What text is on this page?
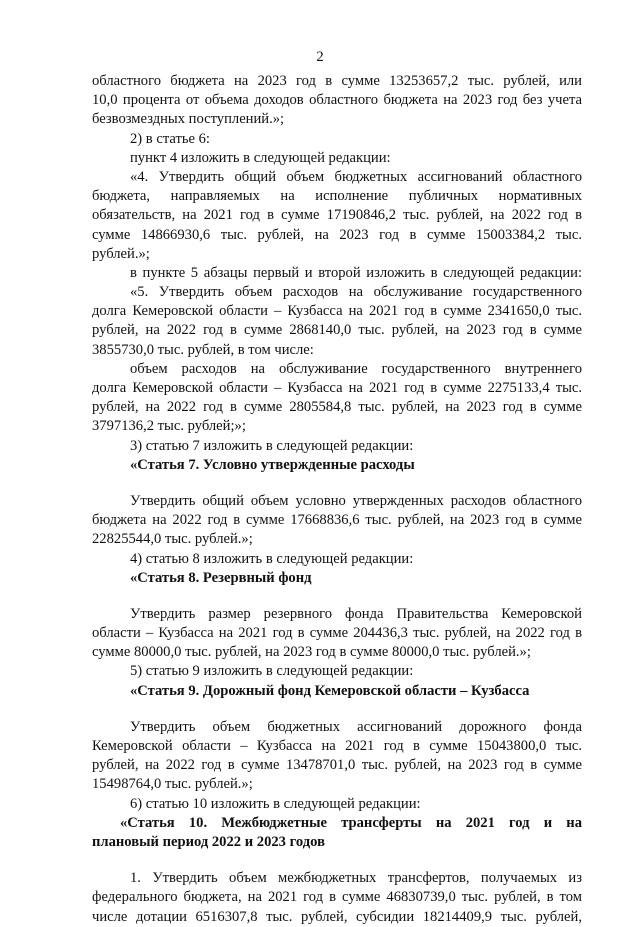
2
областного бюджета на 2023 год в сумме 13253657,2 тыс. рублей, или
10,0 процента от объема доходов областного бюджета на 2023 год без учета
безвозмездных поступлений.»;
2) в статье 6:
пункт 4 изложить в следующей редакции:
«4. Утвердить общий объем бюджетных ассигнований областного
бюджета, направляемых на исполнение публичных нормативных
обязательств, на 2021 год в сумме 17190846,2 тыс. рублей, на 2022 год в
сумме 14866930,6 тыс. рублей, на 2023 год в сумме 15003384,2 тыс.
рублей.»;
в пункте 5 абзацы первый и второй изложить в следующей редакции:
«5. Утвердить объем расходов на обслуживание государственного
долга Кемеровской области – Кузбасса на 2021 год в сумме 2341650,0 тыс.
рублей, на 2022 год в сумме 2868140,0 тыс. рублей, на 2023 год в сумме
3855730,0 тыс. рублей, в том числе:
объем расходов на обслуживание государственного внутреннего
долга Кемеровской области – Кузбасса на 2021 год в сумме 2275133,4 тыс.
рублей, на 2022 год в сумме 2805584,8 тыс. рублей, на 2023 год в сумме
3797136,2 тыс. рублей;»;
3) статью 7 изложить в следующей редакции:
«Статья 7. Условно утвержденные расходы
Утвердить общий объем условно утвержденных расходов областного
бюджета на 2022 год в сумме 17668836,6 тыс. рублей, на 2023 год в сумме
22825544,0 тыс. рублей.»;
4) статью 8 изложить в следующей редакции:
«Статья 8. Резервный фонд
Утвердить размер резервного фонда Правительства Кемеровской
области – Кузбасса на 2021 год в сумме 204436,3 тыс. рублей, на 2022 год в
сумме 80000,0 тыс. рублей, на 2023 год в сумме 80000,0 тыс. рублей.»;
5) статью 9 изложить в следующей редакции:
«Статья 9. Дорожный фонд Кемеровской области – Кузбасса
Утвердить объем бюджетных ассигнований дорожного фонда
Кемеровской области – Кузбасса на 2021 год в сумме 15043800,0 тыс.
рублей, на 2022 год в сумме 13478701,0 тыс. рублей, на 2023 год в сумме
15498764,0 тыс. рублей.»;
6) статью 10 изложить в следующей редакции:
«Статья 10. Межбюджетные трансферты на 2021 год и на
плановый период 2022 и 2023 годов
1. Утвердить объем межбюджетных трансфертов, получаемых из
федерального бюджета, на 2021 год в сумме 46830739,0 тыс. рублей, в том
числе дотации 6516307,8 тыс. рублей, субсидии 18214409,9 тыс. рублей,
